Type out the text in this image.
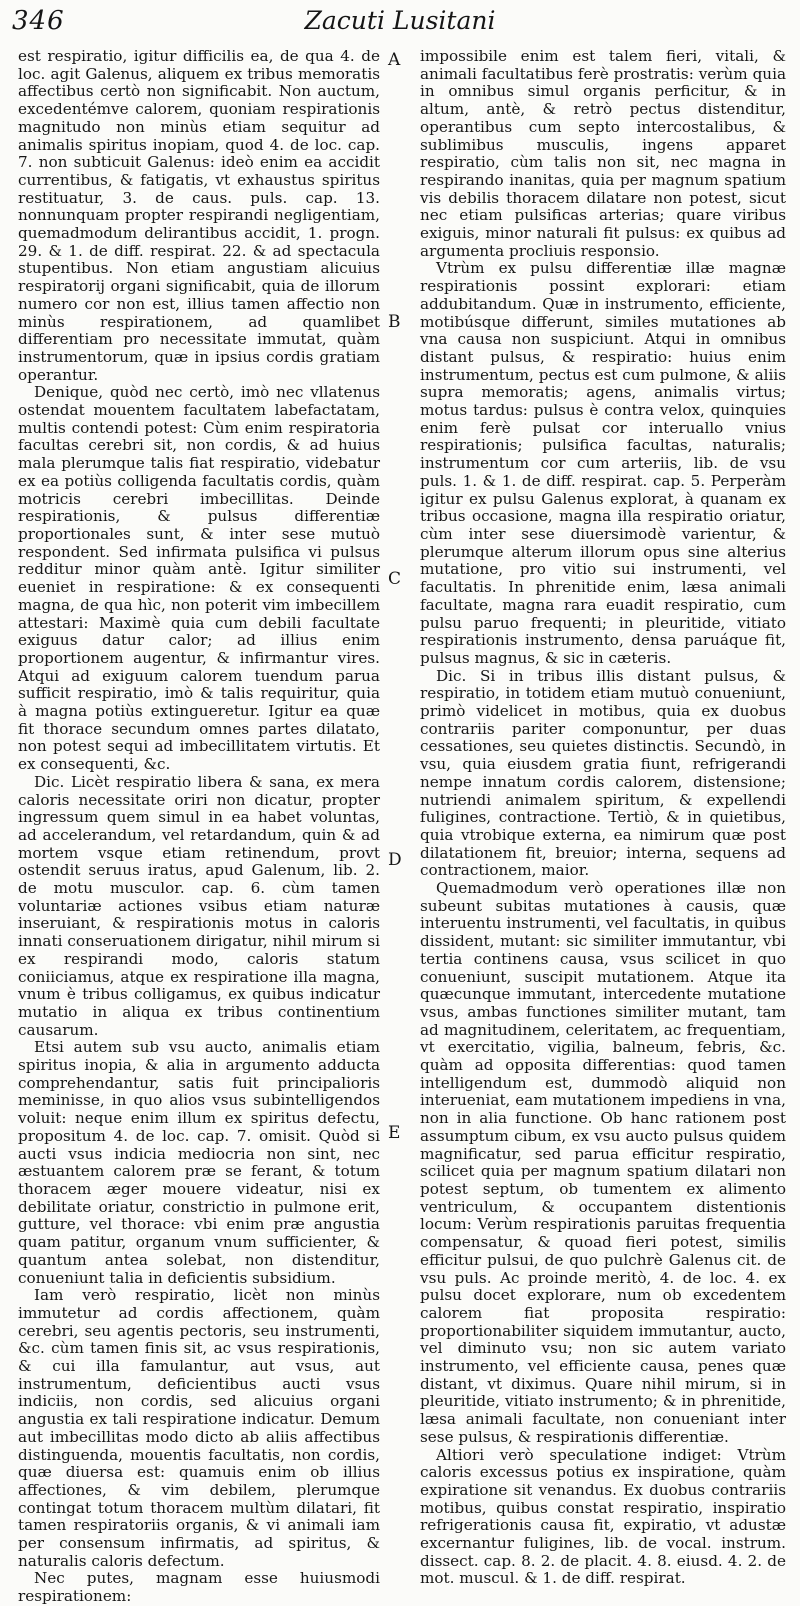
346	Zacuti Lusitani

est respiratio, igitur difficilis ea, de qua 4. de loc. agit Galenus, aliquem ex tribus memoratis affectibus certò non significabit. Non auctum, excedentémve calorem, quoniam respirationis magnitudo non minùs etiam sequitur ad animalis spiritus inopiam, quod 4. de loc. cap. 7. non subticuit Galenus: ideò enim ea accidit currentibus, & fatigatis, vt exhaustus spiritus restituatur, 3. de caus. puls. cap. 13. nonnunquam propter respirandi negligentiam, quemadmodum delirantibus accidit, 1. progn. 29. & 1. de diff. respirat. 22. & ad spectacula stupentibus. Non etiam angustiam alicuius respiratorij organi significabit, quia de illorum numero cor non est, illius tamen affectio non minùs respirationem, ad quamlibet differentiam pro necessitate immutat, quàm instrumentorum, quæ in ipsius cordis gratiam operantur.

Denique, quòd nec certò, imò nec vllatenus ostendat mouentem facultatem labefactatam, multis contendi potest: Cùm enim respiratoria facultas cerebri sit, non cordis, & ad huius mala plerumque talis fiat respiratio, videbatur ex ea potiùs colligenda facultatis cordis, quàm motricis cerebri imbecillitas. Deinde respirationis, & pulsus differentiæ proportionales sunt, & inter sese mutuò respondent. Sed infirmata pulsifica vi pulsus redditur minor quàm antè. Igitur similiter eueniet in respiratione: & ex consequenti magna, de qua hìc, non poterit vim imbecillem attestari: Maximè quia cum debili facultate exiguus datur calor; ad illius enim proportionem augentur, & infirmantur vires. Atqui ad exiguum calorem tuendum parua sufficit respiratio, imò & talis requiritur, quia à magna potiùs extingueretur. Igitur ea quæ fit thorace secundum omnes partes dilatato, non potest sequi ad imbecillitatem virtutis. Et ex consequenti, &c.

Dic. Licèt respiratio libera & sana, ex mera caloris necessitate oriri non dicatur, propter ingressum quem simul in ea habet voluntas, ad accelerandum, vel retardandum, quin & ad mortem vsque etiam retinendum, provt ostendit seruus iratus, apud Galenum, lib. 2. de motu musculor. cap. 6. cùm tamen voluntariæ actiones vsibus etiam naturæ inseruiant, & respirationis motus in caloris innati conseruationem dirigatur, nihil mirum si ex respirandi modo, caloris statum coniiciamus, atque ex respiratione illa magna, vnum è tribus colligamus, ex quibus indicatur mutatio in aliqua ex tribus continentium causarum.

Etsi autem sub vsu aucto, animalis etiam spiritus inopia, & alia in argumento adducta comprehendantur, satis fuit principalioris meminisse, in quo alios vsus subintelligendos voluit: neque enim illum ex spiritus defectu, propositum 4. de loc. cap. 7. omisit. Quòd si aucti vsus indicia mediocria non sint, nec æstuantem calorem præ se ferant, & totum thoracem æger mouere videatur, nisi ex debilitate oriatur, constrictio in pulmone erit, gutture, vel thorace: vbi enim præ angustia quam patitur, organum vnum sufficienter, & quantum antea solebat, non distenditur, conueniunt talia in deficientis subsidium.

Iam verò respiratio, licèt non minùs immutetur ad cordis affectionem, quàm cerebri, seu agentis pectoris, seu instrumenti, &c. cùm tamen finis sit, ac vsus respirationis, & cui illa famulantur, aut vsus, aut instrumentum, deficientibus aucti vsus indiciis, non cordis, sed alicuius organi angustia ex tali respiratione indicatur. Demum aut imbecillitas modo dicto ab aliis affectibus distinguenda, mouentis facultatis, non cordis, quæ diuersa est: quamuis enim ob illius affectiones, & vim debilem, plerumque contingat totum thoracem multùm dilatari, fit tamen respiratoriis organis, & vi animali iam per consensum infirmatis, ad spiritus, & naturalis caloris defectum.

Nec putes, magnam esse huiusmodi respirationem:

A
B
C
D
E

impossibile enim est talem fieri, vitali, & animali facultatibus ferè prostratis: verùm quia in omnibus simul organis perficitur, & in altum, antè, & retrò pectus distenditur, operantibus cum septo intercostalibus, & sublimibus musculis, ingens apparet respiratio, cùm talis non sit, nec magna in respirando inanitas, quia per magnum spatium vis debilis thoracem dilatare non potest, sicut nec etiam pulsificas arterias; quare viribus exiguis, minor naturali fit pulsus: ex quibus ad argumenta procliuis responsio.

Vtrùm ex pulsu differentiæ illæ magnæ respirationis possint explorari: etiam addubitandum. Quæ in instrumento, efficiente, motibúsque differunt, similes mutationes ab vna causa non suspiciunt. Atqui in omnibus distant pulsus, & respiratio: huius enim instrumentum, pectus est cum pulmone, & aliis supra memoratis; agens, animalis virtus; motus tardus: pulsus è contra velox, quinquies enim ferè pulsat cor interuallo vnius respirationis; pulsifica facultas, naturalis; instrumentum cor cum arteriis, lib. de vsu puls. 1. & 1. de diff. respirat. cap. 5. Perperàm igitur ex pulsu Galenus explorat, à quanam ex tribus occasione, magna illa respiratio oriatur, cùm inter sese diuersimodè varientur, & plerumque alterum illorum opus sine alterius mutatione, pro vitio sui instrumenti, vel facultatis. In phrenitide enim, læsa animali facultate, magna rara euadit respiratio, cum pulsu paruo frequenti; in pleuritide, vitiato respirationis instrumento, densa paruáque fit, pulsus magnus, & sic in cæteris.

Dic. Si in tribus illis distant pulsus, & respiratio, in totidem etiam mutuò conueniunt, primò videlicet in motibus, quia ex duobus contrariis pariter componuntur, per duas cessationes, seu quietes distinctis. Secundò, in vsu, quia eiusdem gratia fiunt, refrigerandi nempe innatum cordis calorem, distensione; nutriendi animalem spiritum, & expellendi fuligines, contractione. Tertiò, & in quietibus, quia vtrobique externa, ea nimirum quæ post dilatationem fit, breuior; interna, sequens ad contractionem, maior.

Quemadmodum verò operationes illæ non subeunt subitas mutationes à causis, quæ interuentu instrumenti, vel facultatis, in quibus dissident, mutant: sic similiter immutantur, vbi tertia continens causa, vsus scilicet in quo conueniunt, suscipit mutationem. Atque ita quæcunque immutant, intercedente mutatione vsus, ambas functiones similiter mutant, tam ad magnitudinem, celeritatem, ac frequentiam, vt exercitatio, vigilia, balneum, febris, &c. quàm ad opposita differentias: quod tamen intelligendum est, dummodò aliquid non interueniat, eam mutationem impediens in vna, non in alia functione. Ob hanc rationem post assumptum cibum, ex vsu aucto pulsus quidem magnificatur, sed parua efficitur respiratio, scilicet quia per magnum spatium dilatari non potest septum, ob tumentem ex alimento ventriculum, & occupantem distentionis locum: Verùm respirationis paruitas frequentia compensatur, & quoad fieri potest, similis efficitur pulsui, de quo pulchrè Galenus cit. de vsu puls. Ac proinde meritò, 4. de loc. 4. ex pulsu docet explorare, num ob excedentem calorem fiat proposita respiratio: proportionabiliter siquidem immutantur, aucto, vel diminuto vsu; non sic autem variato instrumento, vel efficiente causa, penes quæ distant, vt diximus. Quare nihil mirum, si in pleuritide, vitiato instrumento; & in phrenitide, læsa animali facultate, non conueniant inter sese pulsus, & respirationis differentiæ.

Altiori verò speculatione indiget: Vtrùm caloris excessus potius ex inspiratione, quàm expiratione sit venandus. Ex duobus contrariis motibus, quibus constat respiratio, inspiratio refrigerationis causa fit, expiratio, vt adustæ excernantur fuligines, lib. de vocal. instrum. dissect. cap. 8. 2. de placit. 4. 8. eiusd. 4. 2. de mot. muscul. & 1. de diff. respirat.
